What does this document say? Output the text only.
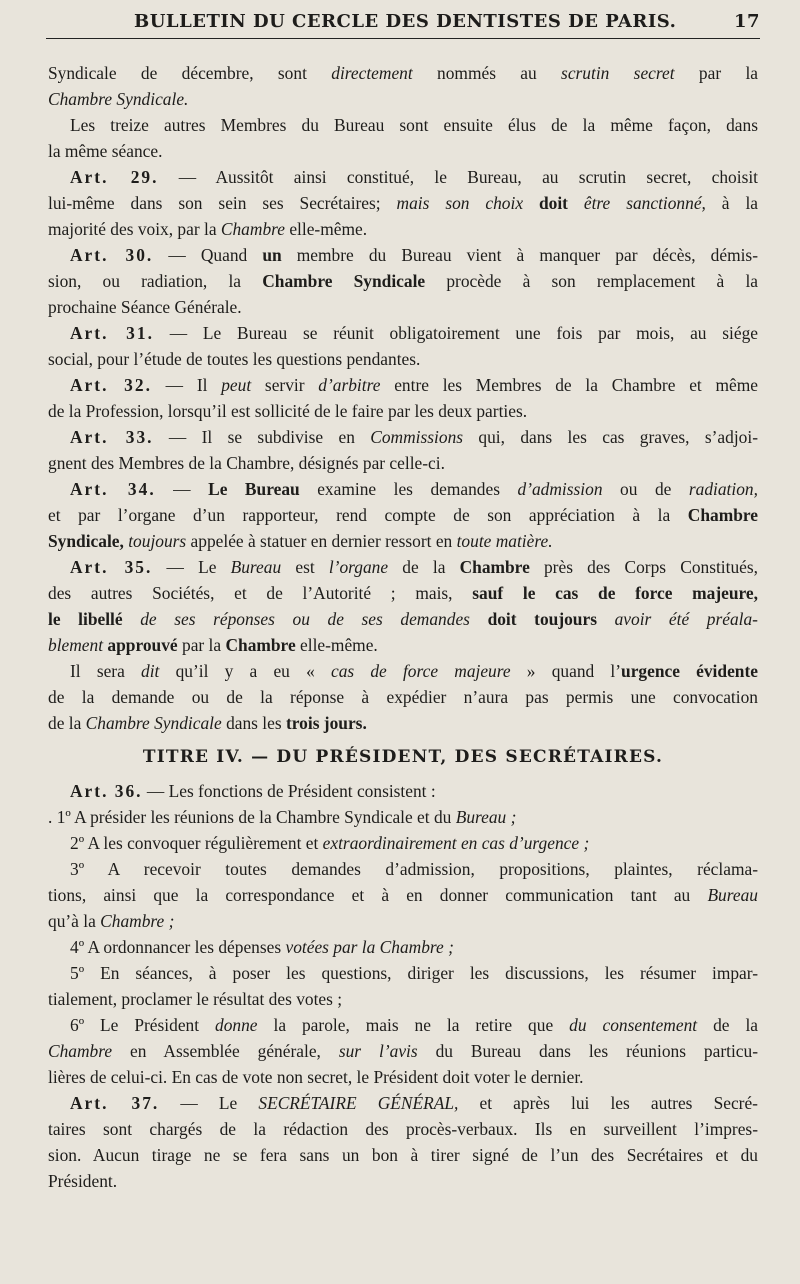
BULLETIN DU CERCLE DES DENTISTES DE PARIS.	17
Syndicale de décembre, sont directement nommés au scrutin secret par la
Chambre Syndicale.
Les treize autres Membres du Bureau sont ensuite élus de la même façon, dans
la même séance.
Art. 29. — Aussitôt ainsi constitué, le Bureau, au scrutin secret, choisit
lui-même dans son sein ses Secrétaires; mais son choix doit être sanctionné, à la
majorité des voix, par la Chambre elle-même.
Art. 30. — Quand un membre du Bureau vient à manquer par décès, démis-
sion, ou radiation, la Chambre Syndicale procède à son remplacement à la
prochaine Séance Générale.
Art. 31. — Le Bureau se réunit obligatoirement une fois par mois, au siége
social, pour l’étude de toutes les questions pendantes.
Art. 32. — Il peut servir d’arbitre entre les Membres de la Chambre et même
de la Profession, lorsqu’il est sollicité de le faire par les deux parties.
Art. 33. — Il se subdivise en Commissions qui, dans les cas graves, s’adjoi-
gnent des Membres de la Chambre, désignés par celle-ci.
Art. 34. — Le Bureau examine les demandes d’admission ou de radiation,
et par l’organe d’un rapporteur, rend compte de son appréciation à la Chambre
Syndicale, toujours appelée à statuer en dernier ressort en toute matière.
Art. 35. — Le Bureau est l’organe de la Chambre près des Corps Constitués,
des autres Sociétés, et de l’Autorité ; mais, sauf le cas de force majeure,
le libellé de ses réponses ou de ses demandes doit toujours avoir été préala-
blement approuvé par la Chambre elle-même.
Il sera dit qu’il y a eu « cas de force majeure » quand l’urgence évidente
de la demande ou de la réponse à expédier n’aura pas permis une convocation
de la Chambre Syndicale dans les trois jours.
TITRE IV. — DU PRÉSIDENT, DES SECRÉTAIRES.
Art. 36. — Les fonctions de Président consistent :
. 1º A présider les réunions de la Chambre Syndicale et du Bureau ;
2º A les convoquer régulièrement et extraordinairement en cas d’urgence ;
3º A recevoir toutes demandes d’admission, propositions, plaintes, réclama-
tions, ainsi que la correspondance et à en donner communication tant au Bureau
qu’à la Chambre ;
4º A ordonnancer les dépenses votées par la Chambre ;
5º En séances, à poser les questions, diriger les discussions, les résumer impar-
tialement, proclamer le résultat des votes ;
6º Le Président donne la parole, mais ne la retire que du consentement de la
Chambre en Assemblée générale, sur l’avis du Bureau dans les réunions particu-
lières de celui-ci. En cas de vote non secret, le Président doit voter le dernier.
Art. 37. — Le SECRÉTAIRE GÉNÉRAL, et après lui les autres Secré-
taires sont chargés de la rédaction des procès-verbaux. Ils en surveillent l’impres-
sion. Aucun tirage ne se fera sans un bon à tirer signé de l’un des Secrétaires et du
Président.
